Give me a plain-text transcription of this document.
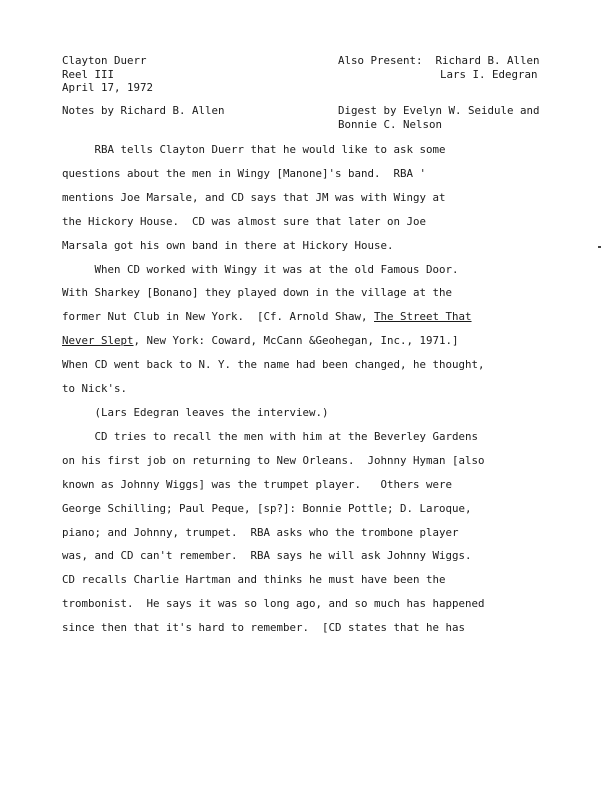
Clayton Duerr
Reel III
April 17, 1972
Also Present: Richard B. Allen
Lars I. Edegran
Notes by Richard B. Allen	Digest by Evelyn W. Seidule and
Bonnie C. Nelson
RBA tells Clayton Duerr that he would like to ask some
questions about the men in Wingy [Manone]'s band.  RBA '
mentions Joe Marsale, and CD says that JM was with Wingy at
the Hickory House.  CD was almost sure that later on Joe
Marsala got his own band in there at Hickory House.
When CD worked with Wingy it was at the old Famous Door.
With Sharkey [Bonano] they played down in the village at the
former Nut Club in New York.  [Cf. Arnold Shaw, The Street That
Never Slept, New York: Coward, McCann &Geohegan, Inc., 1971.]
When CD went back to N. Y. the name had been changed, he thought,
to Nick's.
(Lars Edegran leaves the interview.)
CD tries to recall the men with him at the Beverley Gardens
on his first job on returning to New Orleans.  Johnny Hyman [also
known as Johnny Wiggs] was the trumpet player.   Others were
George Schilling; Paul Peque, [sp?]: Bonnie Pottle; D. Laroque,
piano; and Johnny, trumpet.  RBA asks who the trombone player
was, and CD can't remember.  RBA says he will ask Johnny Wiggs.
CD recalls Charlie Hartman and thinks he must have been the
trombonist.  He says it was so long ago, and so much has happened
since then that it's hard to remember.  [CD states that he has
